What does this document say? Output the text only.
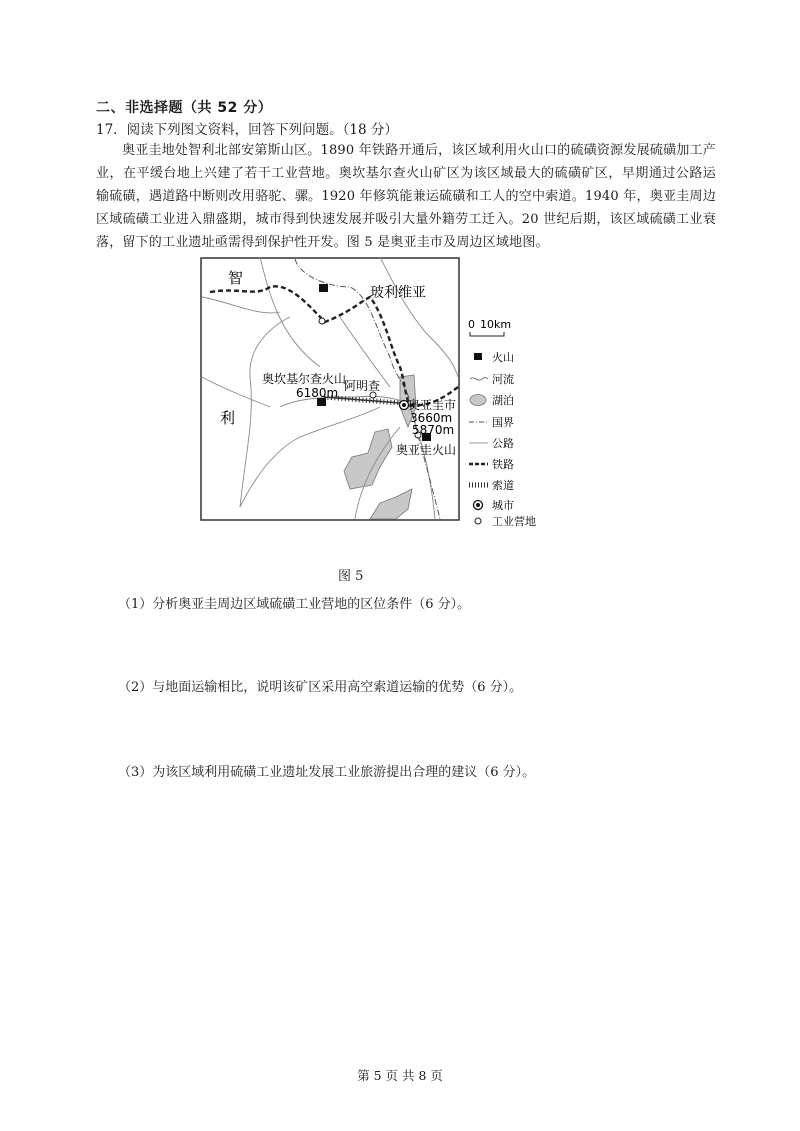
二、非选择题（共 52 分）
17．阅读下列图文资料，回答下列问题。（18 分）
奥亚圭地处智利北部安第斯山区。1890 年铁路开通后，该区域利用火山口的硫磺资源发展硫磺加工产业，在平缓台地上兴建了若干工业营地。奥坎基尔查火山矿区为该区域最大的硫磺矿区，早期通过公路运输硫磺，遇道路中断则改用骆驼、骡。1920 年修筑能兼运硫磺和工人的空中索道。1940 年，奥亚圭周边区域硫磺工业进入鼎盛期，城市得到快速发展并吸引大量外籍劳工迁入。20 世纪后期，该区域硫磺工业衰落，留下的工业遗址亟需得到保护性开发。图 5 是奥亚圭市及周边区域地图。
智
利
玻利维亚
奥坎基尔查火山
6180m 阿明查
奥亚圭市
3660m
5870m
奥亚圭火山
0 10km
火山
河流
湖泊
国界
公路
铁路
索道
城市
工业营地
图 5
（1）分析奥亚圭周边区域硫磺工业营地的区位条件（6 分）。
（2）与地面运输相比，说明该矿区采用高空索道运输的优势（6 分）。
（3）为该区域利用硫磺工业遗址发展工业旅游提出合理的建议（6 分）。
第 5 页 共 8 页
